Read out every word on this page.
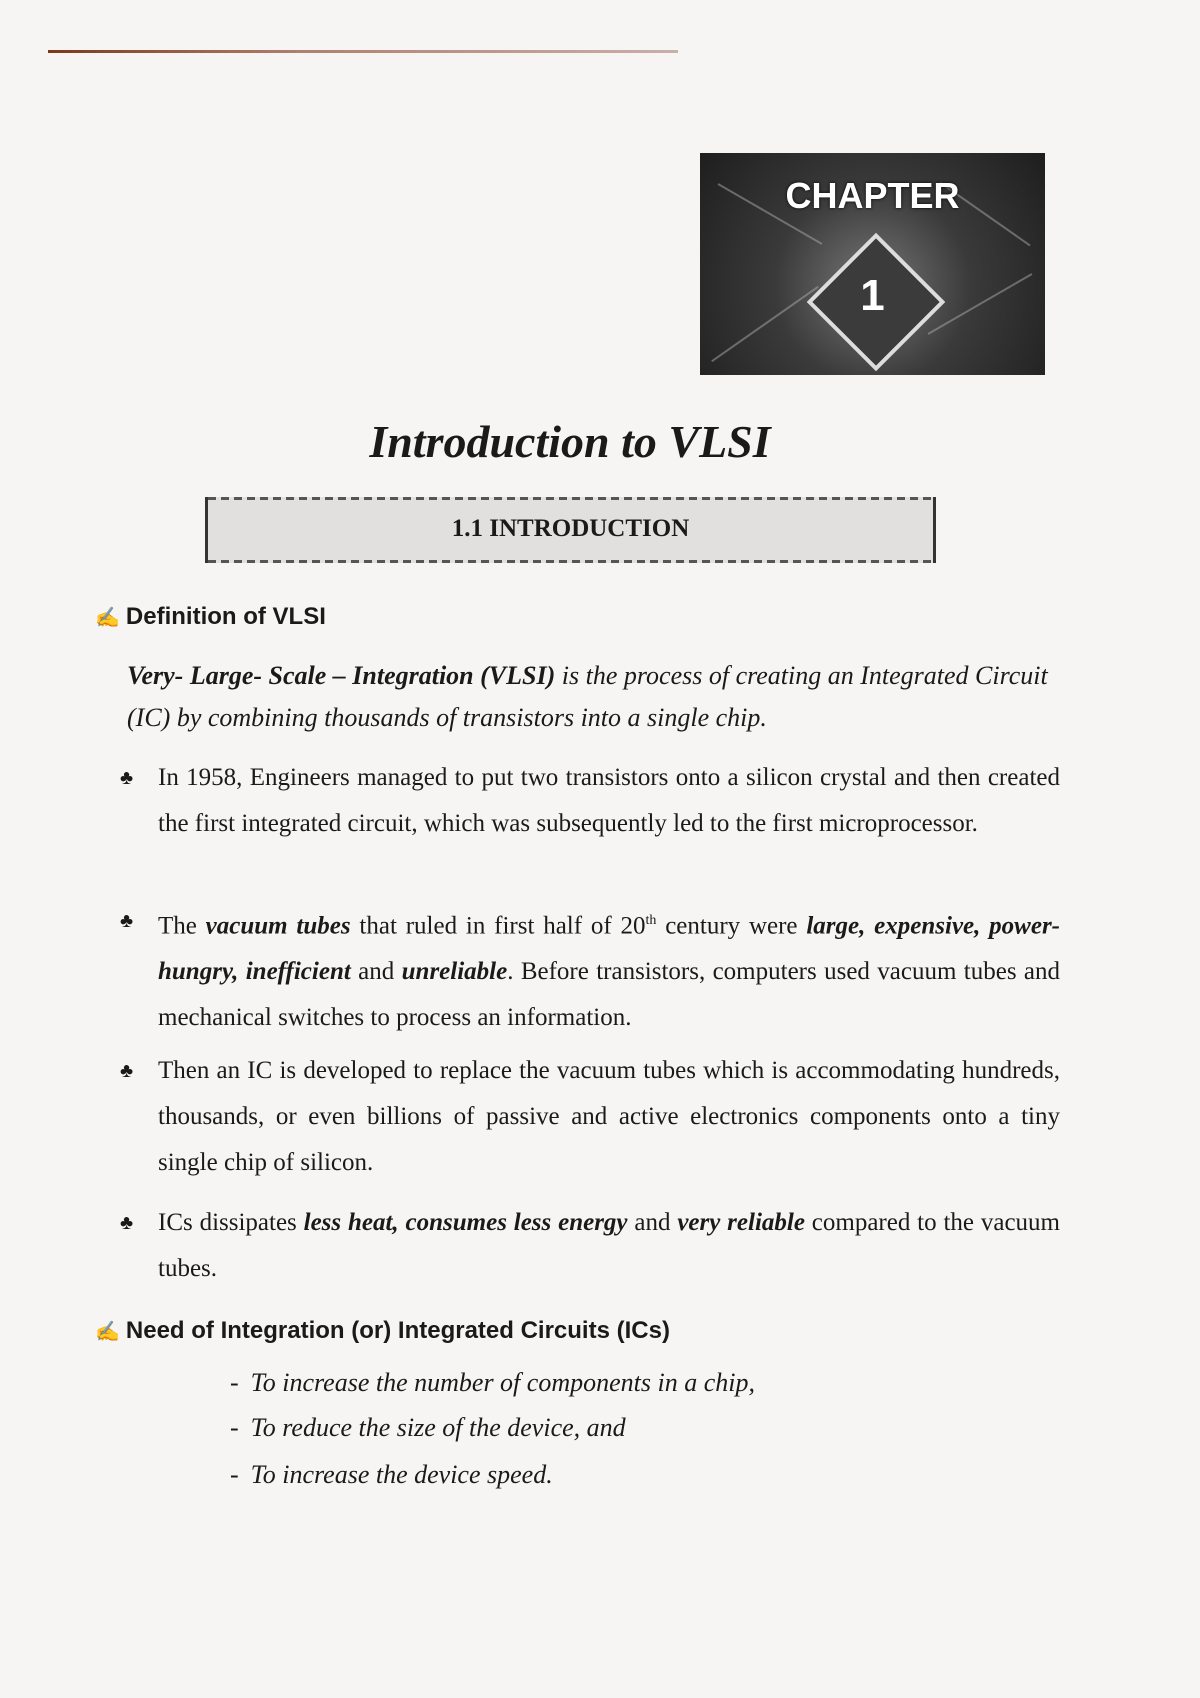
CHAPTER
1
Introduction to VLSI
1.1 INTRODUCTION
✍ Definition of VLSI
Very- Large- Scale – Integration (VLSI) is the process of creating an Integrated Circuit (IC) by combining thousands of transistors into a single chip.
♣ In 1958, Engineers managed to put two transistors onto a silicon crystal and then created the first integrated circuit, which was subsequently led to the first microprocessor.
♣ The vacuum tubes that ruled in first half of 20th century were large, expensive, power-hungry, inefficient and unreliable. Before transistors, computers used vacuum tubes and mechanical switches to process an information.
♣ Then an IC is developed to replace the vacuum tubes which is accommodating hundreds, thousands, or even billions of passive and active electronics components onto a tiny single chip of silicon.
♣ ICs dissipates less heat, consumes less energy and very reliable compared to the vacuum tubes.
✍ Need of Integration (or) Integrated Circuits (ICs)
- To increase the number of components in a chip,
- To reduce the size of the device, and
- To increase the device speed.
